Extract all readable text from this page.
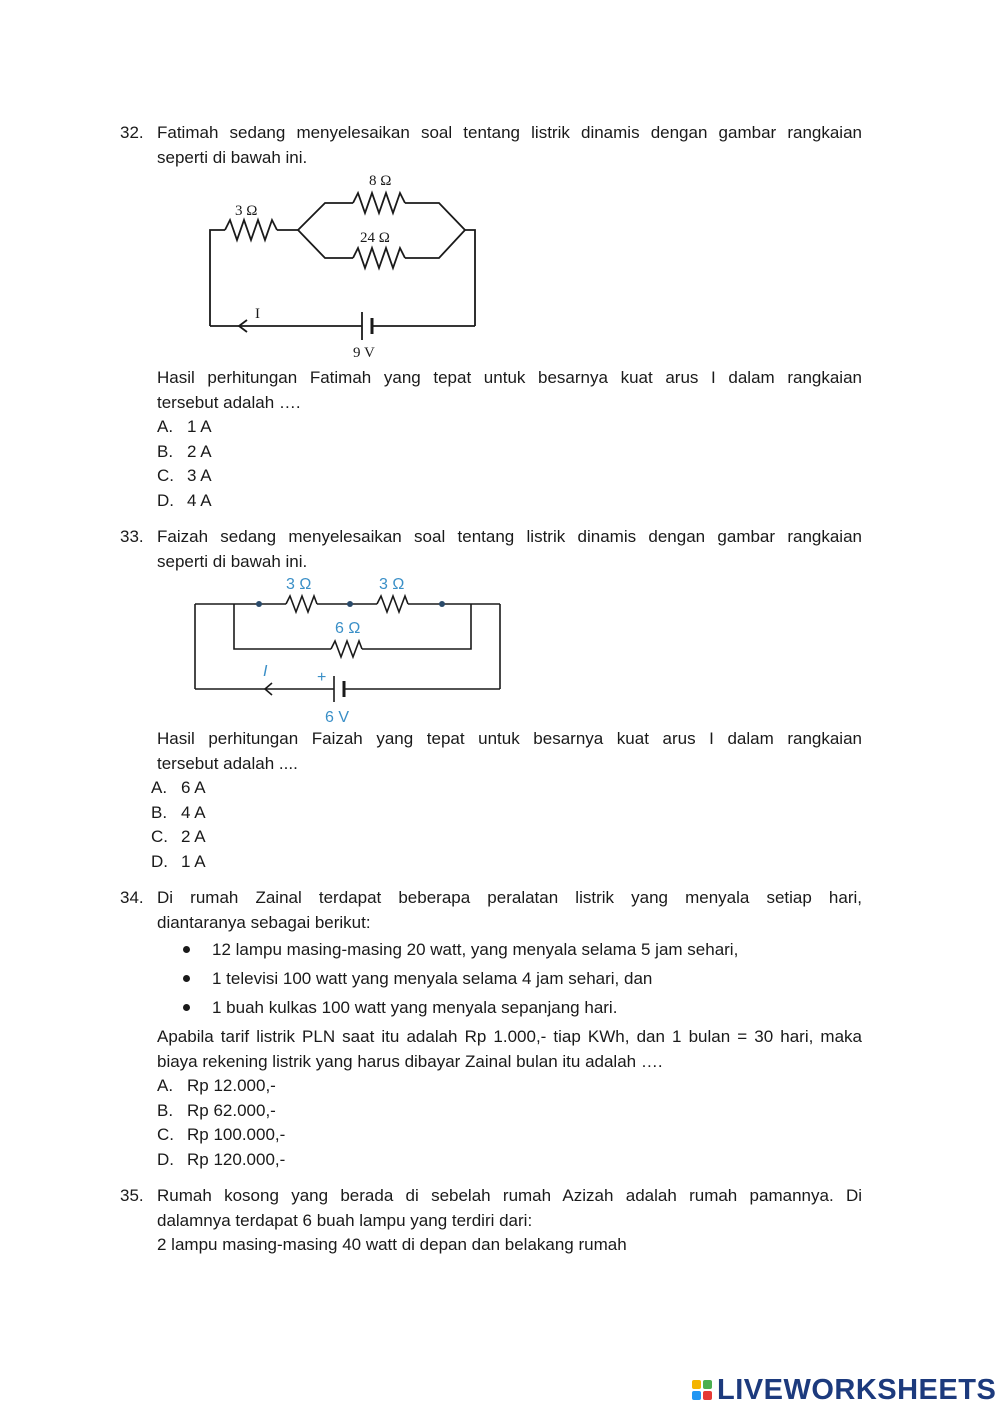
32. Fatimah sedang menyelesaikan soal tentang listrik dinamis dengan gambar rangkaian
seperti di bawah ini.
8 Ω
3 Ω
24 Ω
I
9 V
Hasil perhitungan Fatimah yang tepat untuk besarnya kuat arus I dalam rangkaian
tersebut adalah ….
A. 1 A
B. 2 A
C. 3 A
D. 4 A
33. Faizah sedang menyelesaikan soal tentang listrik dinamis dengan gambar rangkaian
seperti di bawah ini.
3 Ω	3 Ω
6 Ω
I	+
6 V
Hasil perhitungan Faizah yang tepat untuk besarnya kuat arus I dalam rangkaian
tersebut adalah ....
A. 6 A
B. 4 A
C. 2 A
D. 1 A
34. Di rumah Zainal terdapat beberapa peralatan listrik yang menyala setiap hari,
diantaranya sebagai berikut:
12 lampu masing-masing 20 watt, yang menyala selama 5 jam sehari,
1 televisi 100 watt yang menyala selama 4 jam sehari, dan
1 buah kulkas 100 watt yang menyala sepanjang hari.
Apabila tarif listrik PLN saat itu adalah Rp 1.000,- tiap KWh, dan 1 bulan = 30 hari, maka
biaya rekening listrik yang harus dibayar Zainal bulan itu adalah ….
A. Rp 12.000,-
B. Rp 62.000,-
C. Rp 100.000,-
D. Rp 120.000,-
35. Rumah kosong yang berada di sebelah rumah Azizah adalah rumah pamannya. Di
dalamnya terdapat 6 buah lampu yang terdiri dari:
2 lampu masing-masing 40 watt di depan dan belakang rumah
LIVEWORKSHEETS
